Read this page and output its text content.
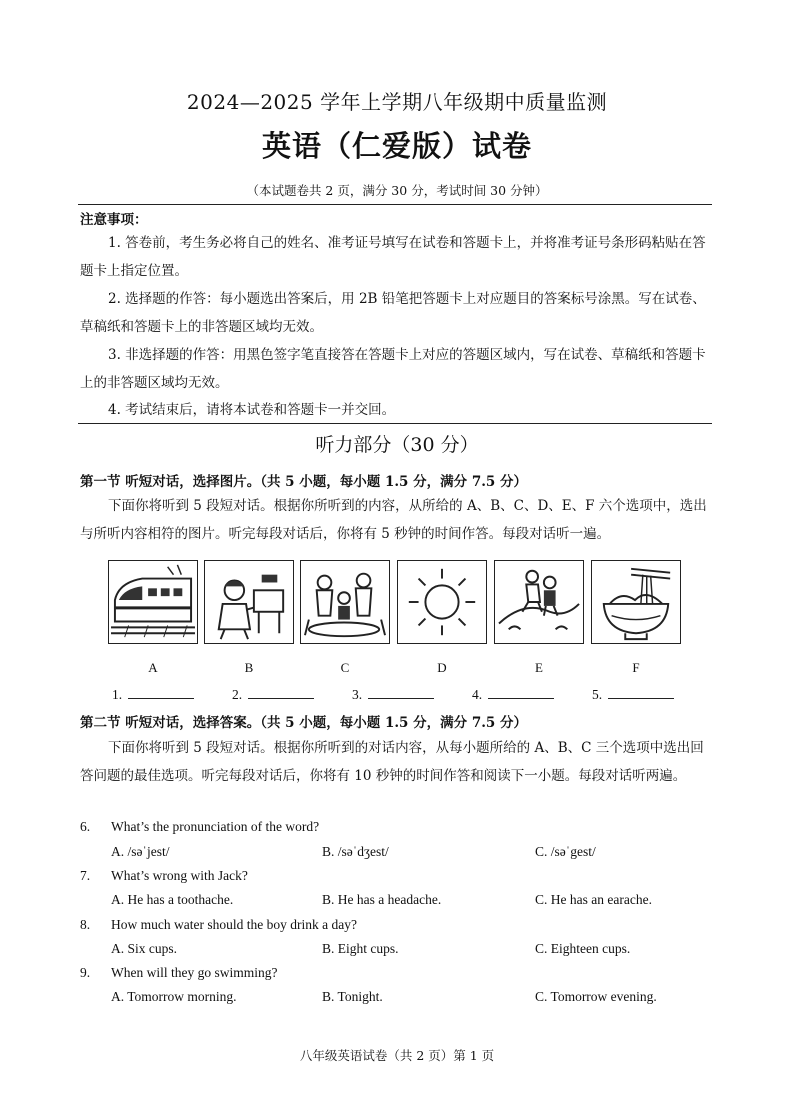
2024—2025 学年上学期八年级期中质量监测
英语（仁爱版）试卷
（本试题卷共 2 页，满分 30 分，考试时间 30 分钟）
注意事项：
1. 答卷前，考生务必将自己的姓名、准考证号填写在试卷和答题卡上，并将准考证号条形码粘贴在答题卡上指定位置。
2. 选择题的作答：每小题选出答案后，用 2B 铅笔把答题卡上对应题目的答案标号涂黑。写在试卷、草稿纸和答题卡上的非答题区域均无效。
3. 非选择题的作答：用黑色签字笔直接答在答题卡上对应的答题区域内，写在试卷、草稿纸和答题卡上的非答题区域均无效。
4. 考试结束后，请将本试卷和答题卡一并交回。
听力部分（30 分）
第一节 听短对话，选择图片。（共 5 小题，每小题 1.5 分，满分 7.5 分）
下面你将听到 5 段短对话。根据你所听到的内容，从所给的 A、B、C、D、E、F 六个选项中，选出与所听内容相符的图片。听完每段对话后，你将有 5 秒钟的时间作答。每段对话听一遍。
A	B	C	D	E	F
1.	2.	3.	4.	5.
第二节 听短对话，选择答案。（共 5 小题，每小题 1.5 分，满分 7.5 分）
下面你将听到 5 段短对话。根据你所听到的对话内容，从每小题所给的 A、B、C 三个选项中选出回答问题的最佳选项。听完每段对话后，你将有 10 秒钟的时间作答和阅读下一小题。每段对话听两遍。
6. What’s the pronunciation of the word?
A. /səˈjest/	B. /səˈdʒest/	C. /səˈgest/
7. What’s wrong with Jack?
A. He has a toothache.	B. He has a headache.	C. He has an earache.
8. How much water should the boy drink a day?
A. Six cups.	B. Eight cups.	C. Eighteen cups.
9. When will they go swimming?
A. Tomorrow morning.	B. Tonight.	C. Tomorrow evening.
八年级英语试卷（共 2 页）第 1 页
